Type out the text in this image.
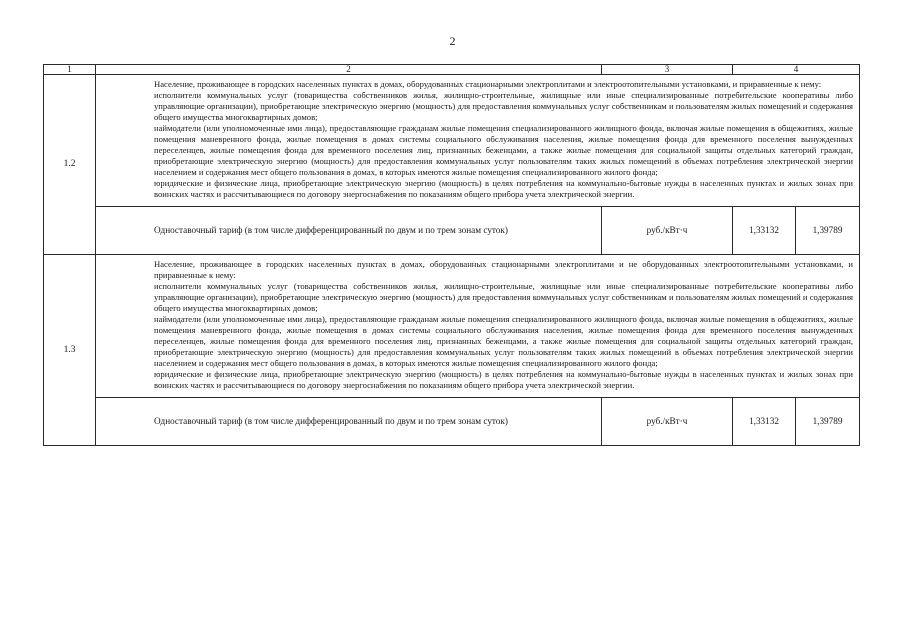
2
1	2	3	4	
1.2	Население, проживающее в городских населенных пунктах в домах, оборудованных стационарными электроплитами и электроотопительными установками, и приравненные к нему:

исполнители коммунальных услуг (товарищества собственников жилья, жилищно-строительные, жилищные или иные специализированные потребительские кооперативы либо управляющие организации), приобретающие электрическую энергию (мощность) для предоставления коммунальных услуг собственникам и пользователям жилых помещений и содержания общего имущества многоквартирных домов;

наймодатели (или уполномоченные ими лица), предоставляющие гражданам жилые помещения специализированного жилищного фонда, включая жилые помещения в общежитиях, жилые помещения маневренного фонда, жилые помещения в домах системы социального обслуживания населения, жилые помещения фонда для временного поселения вынужденных переселенцев, жилые помещения фонда для временного поселения лиц, признанных беженцами, а также жилые помещения для социальной защиты отдельных категорий граждан, приобретающие электрическую энергию (мощность) для предоставления коммунальных услуг пользователям таких жилых помещений в объемах потребления электрической энергии населением и содержания мест общего пользования в домах, в которых имеются жилые помещения специализированного жилого фонда;

юридические и физические лица, приобретающие электрическую энергию (мощность) в целях потребления на коммунально-бытовые нужды в населенных пунктах и жилых зонах при воинских частях и рассчитывающиеся по договору энергоснабжения по показаниям общего прибора учета электрической энергии.			

	Одноставочный тариф (в том числе дифференцированный по двум и по трем зонам суток)	руб./кВт·ч	1,33132	1,39789
1.3	Население, проживающее в городских населенных пунктах в домах, оборудованных стационарными электроплитами и не оборудованных электроотопительными установками, и приравненные к нему:

исполнители коммунальных услуг (товарищества собственников жилья, жилищно-строительные, жилищные или иные специализированные потребительские кооперативы либо управляющие организации), приобретающие электрическую энергию (мощность) для предоставления коммунальных услуг собственникам и пользователям жилых помещений и содержания общего имущества многоквартирных домов;

наймодатели (или уполномоченные ими лица), предоставляющие гражданам жилые помещения специализированного жилищного фонда, включая жилые помещения в общежитиях, жилые помещения маневренного фонда, жилые помещения в домах системы социального обслуживания населения, жилые помещения фонда для временного поселения вынужденных переселенцев, жилые помещения фонда для временного поселения лиц, признанных беженцами, а также жилые помещения для социальной защиты отдельных категорий граждан, приобретающие электрическую энергию (мощность) для предоставления коммунальных услуг пользователям таких жилых помещений в объемах потребления электрической энергии населением и содержания мест общего пользования в домах, в которых имеются жилые помещения специализированного жилого фонда;

юридические и физические лица, приобретающие электрическую энергию (мощность) в целях потребления на коммунально-бытовые нужды в населенных пунктах и жилых зонах при воинских частях и рассчитывающиеся по договору энергоснабжения по показаниям общего прибора учета электрической энергии.			

	Одноставочный тариф (в том числе дифференцированный по двум и по трем зонам суток)	руб./кВт·ч	1,33132	1,39789
